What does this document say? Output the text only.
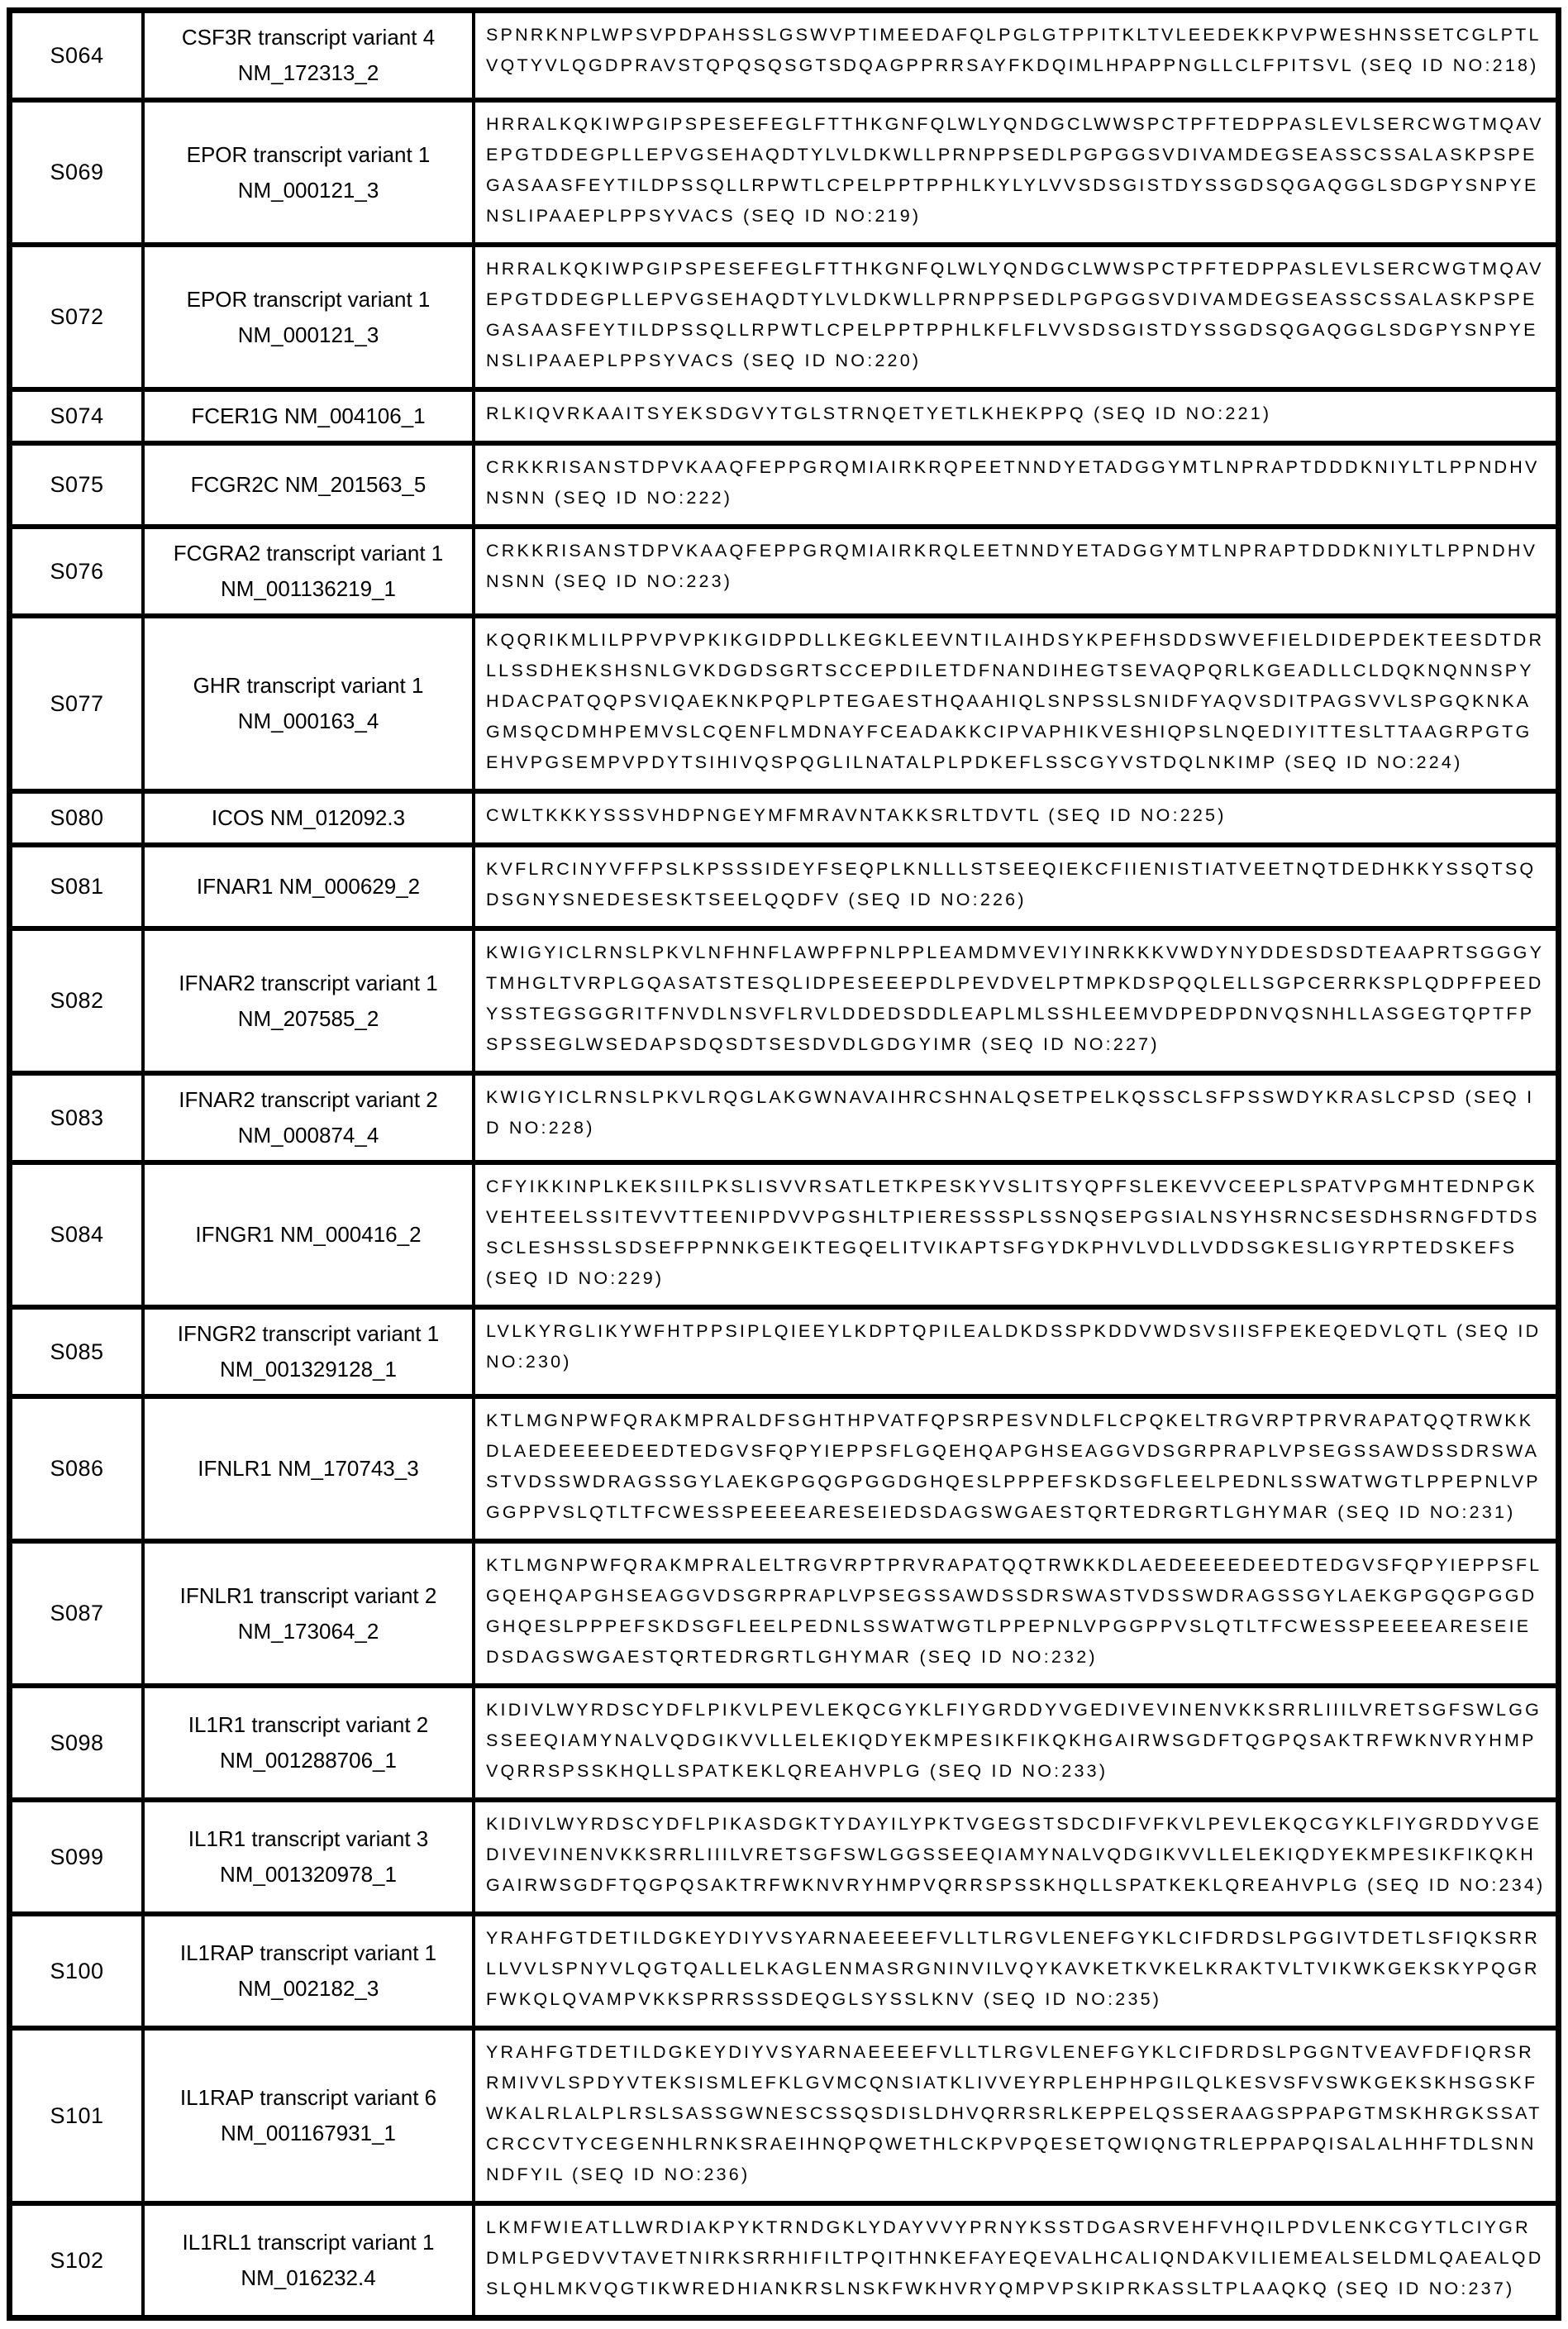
S064	CSF3R transcript variant 4 NM_172313_2	SPNRKNPLWPSVPDPAHSSLGSWVPTIMEEDAFQLPGLGTPPITKLTVLEEDEKKPVPWESHNSSETCGLPTLVQTYVLQGDPRAVSTQPQSQSGTSDQAGPPRRSAYFKDQIMLHPAPPNGLLCLFPITSVL (SEQ ID NO:218)
S069	EPOR transcript variant 1 NM_000121_3	HRRALKQKIWPGIPSPESEFEGLFTTHKGNFQLWLYQNDGCLWWSPCTPFTEDPPASLEVLSERCWGTMQAVEPGTDDEGPLLEPVGSEHAQDTYLVLDKWLLPRNPPSEDLPGPGGSVDIVAMDEGSEASSCSSALASKPSPEGASAASFEYTILDPSSQLLRPWTLCPELPPTPPHLKYLYLVVSDSGISTDYSSGDSQGAQGGLSDGPYSNPYENSLIPAAEPLPPSYVACS (SEQ ID NO:219)
S072	EPOR transcript variant 1 NM_000121_3	HRRALKQKIWPGIPSPESEFEGLFTTHKGNFQLWLYQNDGCLWWSPCTPFTEDPPASLEVLSERCWGTMQAVEPGTDDEGPLLEPVGSEHAQDTYLVLDKWLLPRNPPSEDLPGPGGSVDIVAMDEGSEASSCSSALASKPSPEGASAASFEYTILDPSSQLLRPWTLCPELPPTPPHLKFLFLVVSDSGISTDYSSGDSQGAQGGLSDGPYSNPYENSLIPAAEPLPPSYVACS (SEQ ID NO:220)
S074	FCER1G NM_004106_1	RLKIQVRKAAITSYEKSDGVYTGLSTRNQETYETLKHEKPPQ (SEQ ID NO:221)
S075	FCGR2C NM_201563_5	CRKKRISANSTDPVKAAQFEPPGRQMIAIRKRQPEETNNDYETADGGYMTLNPRAPTDDDKNIYLTLPPNDHVNSNN (SEQ ID NO:222)
S076	FCGRA2 transcript variant 1 NM_001136219_1	CRKKRISANSTDPVKAAQFEPPGRQMIAIRKRQLEETNNDYETADGGYMTLNPRAPTDDDKNIYLTLPPNDHVNSNN (SEQ ID NO:223)
S077	GHR transcript variant 1 NM_000163_4	KQQRIKMLILPPVPVPKIKGIDPDLLKEGKLEEVNTILAIHDSYKPEFHSDDSWVEFIELDIDEPDEKTEESDTDRLLSSDHEKSHSNLGVKDGDSGRTSCCEPDILETDFNANDIHEGTSEVAQPQRLKGEADLLCLDQKNQNNSPYHDACPATQQPSVIQAEKNKPQPLPTEGAESTHQAAHIQLSNPSSLSNIDFYAQVSDITPAGSVVLSPGQKNKAGMSQCDMHPEMVSLCQENFLMDNAYFCEADAKKCIPVAPHIKVESHIQPSLNQEDIYITTESLTTAAGRPGTGEHVPGSEMPVPDYTSIHIVQSPQGLILNATALPLPDKEFLSSCGYVSTDQLNKIMP (SEQ ID NO:224)
S080	ICOS NM_012092.3	CWLTKKKYSSSVHDPNGEYMFMRAVNTAKKSRLTDVTL (SEQ ID NO:225)
S081	IFNAR1 NM_000629_2	KVFLRCINYVFFPSLKPSSSIDEYFSEQPLKNLLLSTSEEQIEKCFIIENISTIATVEETNQTDEDHKKYSSQTSQDSGNYSNEDESESKTSEELQQDFV (SEQ ID NO:226)
S082	IFNAR2 transcript variant 1 NM_207585_2	KWIGYICLRNSLPKVLNFHNFLAWPFPNLPPLEAMDMVEVIYINRKKKVWDYNYDDESDSDTEAAPRTSGGGYTMHGLTVRPLGQASATSTESQLIDPESEEEPDLPEVDVELPTMPKDSPQQLELLSGPCERRKSPLQDPFPEEDYSSTEGSGGRITFNVDLNSVFLRVLDDEDSDDLEAPLMLSSHLEEMVDPEDPDNVQSNHLLASGEGTQPTFPSPSSEGLWSEDAPSDQSDTSESDVDLGDGYIMR (SEQ ID NO:227)
S083	IFNAR2 transcript variant 2 NM_000874_4	KWIGYICLRNSLPKVLRQGLAKGWNAVAIHRCSHNALQSETPELKQSSCLSFPSSWDYKRASLCPSD (SEQ ID NO:228)
S084	IFNGR1 NM_000416_2	CFYIKKINPLKEKSIILPKSLISVVRSATLETKPESKYVSLITSYQPFSLEKEVVCEEPLSPATVPGMHTEDNPGKVEHTEELSSITEVVTTEENIPDVVPGSHLTPIERESSSPLSSNQSEPGSIALNSYHSRNCSESDHSRNGFDTDSSCLESHSSLSDSEFPPNNKGEIKTEGQELITVIKAPTSFGYDKPHVLVDLLVDDSGKESLIGYRPTEDSKEFS (SEQ ID NO:229)
S085	IFNGR2 transcript variant 1 NM_001329128_1	LVLKYRGLIKYWFHTPPSIPLQIEEYLKDPTQPILEALDKDSSPKDDVWDSVSIISFPEKEQEDVLQTL (SEQ ID NO:230)
S086	IFNLR1 NM_170743_3	KTLMGNPWFQRAKMPRALDFSGHTHPVATFQPSRPESVNDLFLCPQKELTRGVRPTPRVRAPATQQTRWKKDLAEDEEEEDEEDTEDGVSFQPYIEPPSFLGQEHQAPGHSEAGGVDSGRPRAPLVPSEGSSAWDSSDRSWASTVDSSWDRAGSSGYLAEKGPGQGPGGDGHQESLPPPEFSKDSGFLEELPEDNLSSWATWGTLPPEPNLVPGGPPVSLQTLTFCWESSPEEEEARESEIEDSDAGSWGAESTQRTEDRGRTLGHYMAR (SEQ ID NO:231)
S087	IFNLR1 transcript variant 2 NM_173064_2	KTLMGNPWFQRAKMPRALELTRGVRPTPRVRAPATQQTRWKKDLAEDEEEEDEEDTEDGVSFQPYIEPPSFLGQEHQAPGHSEAGGVDSGRPRAPLVPSEGSSAWDSSDRSWASTVDSSWDRAGSSGYLAEKGPGQGPGGDGHQESLPPPEFSKDSGFLEELPEDNLSSWATWGTLPPEPNLVPGGPPVSLQTLTFCWESSPEEEEARESEIEDSDAGSWGAESTQRTEDRGRTLGHYMAR (SEQ ID NO:232)
S098	IL1R1 transcript variant 2 NM_001288706_1	KIDIVLWYRDSCYDFLPIKVLPEVLEKQCGYKLFIYGRDDYVGEDIVEVINENVKKSRRLIIILVRETSGFSWLGGSSEEQIAMYNALVQDGIKVVLLELEKIQDYEKMPESIKFIKQKHGAIRWSGDFTQGPQSAKTRFWKNVRYHMPVQRRSPSSKHQLLSPATKEKLQREAHVPLG (SEQ ID NO:233)
S099	IL1R1 transcript variant 3 NM_001320978_1	KIDIVLWYRDSCYDFLPIKASDGKTYDAYILYPKTVGEGSTSDCDIFVFKVLPEVLEKQCGYKLFIYGRDDYVGEDIVEVINENVKKSRRLIIILVRETSGFSWLGGSSEEQIAMYNALVQDGIKVVLLELEKIQDYEKMPESIKFIKQKHGAIRWSGDFTQGPQSAKTRFWKNVRYHMPVQRRSPSSKHQLLSPATKEKLQREAHVPLG (SEQ ID NO:234)
S100	IL1RAP transcript variant 1 NM_002182_3	YRAHFGTDETILDGKEYDIYVSYARNAEEEEFVLLTLRGVLENEFGYKLCIFDRDSLPGGIVTDETLSFIQKSRRLLVVLSPNYVLQGTQALLELKAGLENMASRGNINVILVQYKAVKETKVKELKRAKTVLTVIKWKGEKSKYPQGRFWKQLQVAMPVKKSPRRSSSDEQGLSYSSLKNV (SEQ ID NO:235)
S101	IL1RAP transcript variant 6 NM_001167931_1	YRAHFGTDETILDGKEYDIYVSYARNAEEEEFVLLTLRGVLENEFGYKLCIFDRDSLPGGNTVEAVFDFIQRSRRMIVVLSPDYVTEKSISMLEFKLGVMCQNSIATKLIVVEYRPLEHPHPGILQLKESVSFVSWKGEKSKHSGSKFWKALRLALPLRSLSASSGWNESCSSQSDISLDHVQRRSRLKEPPELQSSERAAGSPPAPGTMSKHRGKSSATCRCCVTYCEGENHLRNKSRAEIHNQPQWETHLCKPVPQESETQWIQNGTRLEPPAPQISALALHHFTDLSNNNDFYIL (SEQ ID NO:236)
S102	IL1RL1 transcript variant 1 NM_016232.4	LKMFWIEATLLWRDIAKPYKTRNDGKLYDAYVVYPRNYKSSTDGASRVEHFVHQILPDVLENKCGYTLCIYGRDMLPGEDVVTAVETNIRKSRRHIFILTPQITHNKEFAYEQEVALHCALIQNDAKVILIEMEALSELDMLQAEALQDSLQHLMKVQGTIKWREDHIANKRSLNSKFWKHVRYQMPVPSKIPRKASSLTPLAAQKQ (SEQ ID NO:237)
